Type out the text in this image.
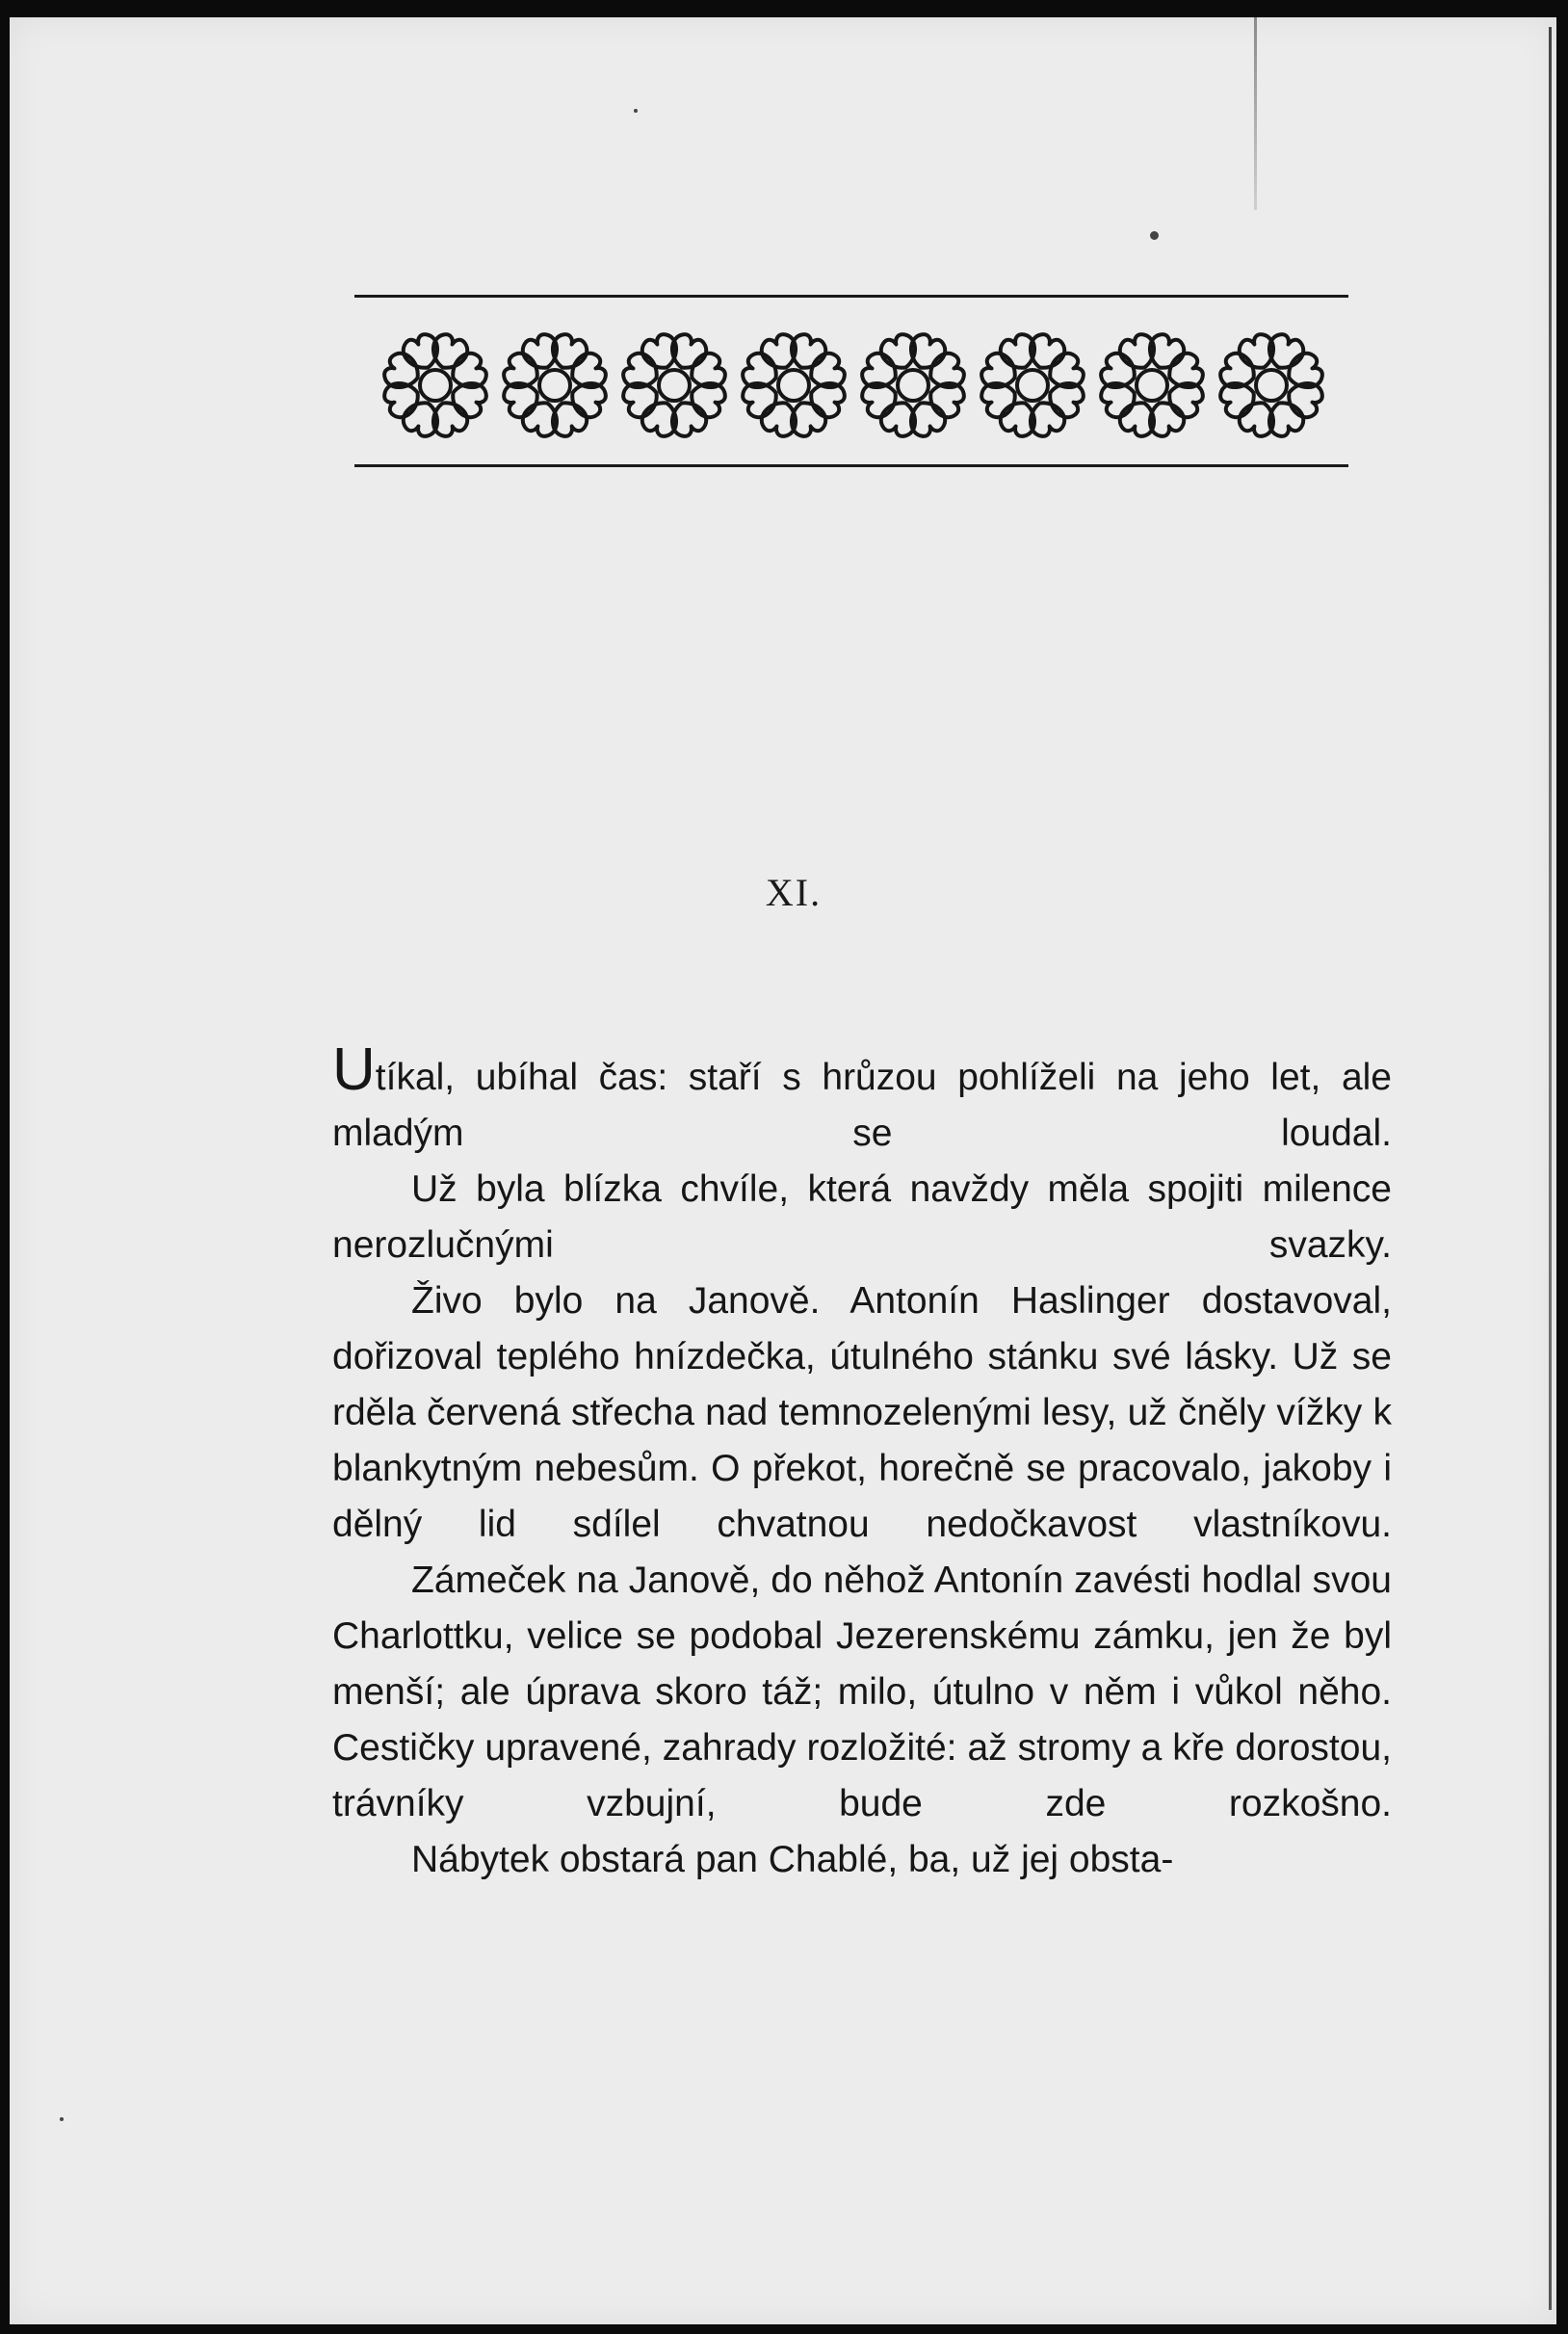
XI.

Utíkal, ubíhal čas: staří s hrůzou pohlíželi na jeho let, ale mladým se loudal.

Už byla blízka chvíle, která navždy měla spojiti milence nerozlučnými svazky.

Živo bylo na Janově. Antonín Haslinger dostavoval, dořizoval teplého hnízdečka, útulného stánku své lásky. Už se rděla červená střecha nad temnozelenými lesy, už čněly vížky k blankytným nebesům. O překot, horečně se pracovalo, jakoby i dělný lid sdílel chvatnou nedočkavost vlastníkovu.

Zámeček na Janově, do něhož Antonín zavésti hodlal svou Charlottku, velice se podobal Jezerenskému zámku, jen že byl menší; ale úprava skoro táž; milo, útulno v něm i vůkol něho. Cestičky upravené, zahrady rozložité: až stromy a kře dorostou, trávníky vzbujní, bude zde rozkošno.

Nábytek obstará pan Chablé, ba, už jej obsta-
